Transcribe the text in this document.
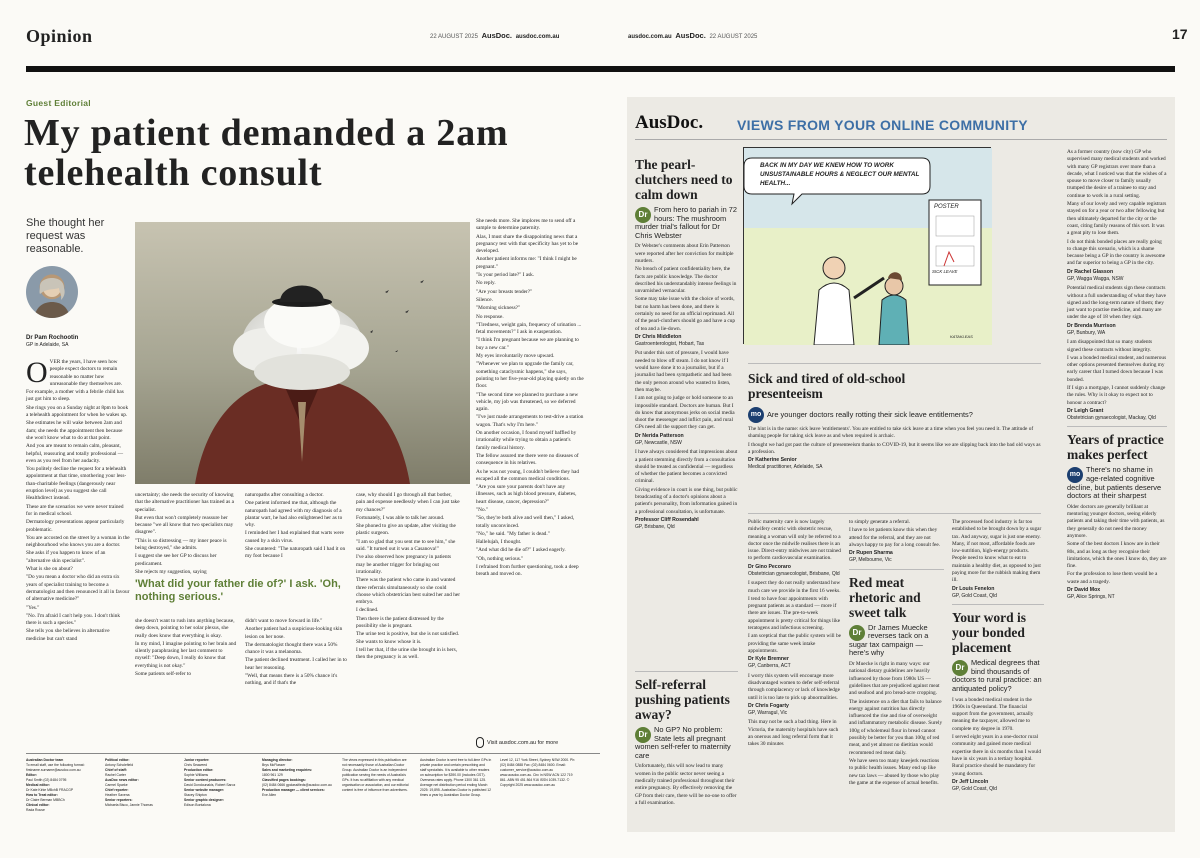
Opinion	22 AUGUST 2025 AusDoc. ausdoc.com.au
Guest Editorial
My patient demanded a 2am telehealth consult
She thought her request was reasonable.
Dr Pam Rochootin
GP in Adelaide, SA
O VER the years, I have seen how people expect doctors to remain reasonable no matter how unreasonable they themselves are.

For example, a mother with a febrile child has just got him to sleep.

She rings you on a Sunday night at 8pm to book a telehealth appointment for when he wakes up.

She estimates he will wake between 2am and 4am; she needs the appointment then because she won't know what to do at that point.

And you are meant to remain calm, pleasant, helpful, reassuring and totally professional — even as you reel from her audacity.

You politely decline the request for a telehealth appointment at that time, smothering your less-than-charitable feelings (dangerously near eruption level) as you suggest she call Healthdirect instead.

These are the scenarios we were never trained for in medical school.

Dermatology presentations appear particularly problematic.

You are accosted on the street by a woman in the neighbourhood who knows you are a doctor.

She asks if you happen to know of an "alternative skin specialist".

What is she on about?

"Do you mean a doctor who did an extra six years of specialist training to become a dermatologist and then renounced it all in favour of alternative medicine?"

"Yes."

"No. I'm afraid I can't help you. I don't think there is such a species."

She tells you she believes in alternative medicine but can't stand

uncertainty; she needs the security of knowing that the alternative practitioner has trained as a specialist.

But even that won't completely reassure her because "we all know that two specialists may disagree".

"This is so distressing — my inner peace is being destroyed," she admits.

I suggest she see her GP to discuss her predicament.

She rejects my suggestion, saying

naturopaths after consulting a doctor.

One patient informed me that, although the naturopath had agreed with my diagnosis of a plantar wart, he had also enlightened her as to why.

I reminded her I had explained that warts were caused by a skin virus.

She countered: "The naturopath said I had it on my foot because I

'What did your father die of?' I ask. 'Oh, nothing serious.'

she doesn't want to rush into anything because, deep down, pointing to her solar plexus, she really does know that everything is okay.

In my mind, I imagine pointing to her brain and silently paraphrasing her last comment to myself: "Deep down, I really do know that everything is not okay."

Some patients self-refer to

didn't want to move forward in life."

Another patient had a suspicious-looking skin lesion on her nose.

The dermatologist thought there was a 50% chance it was a melanoma.

The patient declined treatment. I called her in to hear her reasoning.

"Well, that means there is a 50% chance it's nothing, and if that's the

case, why should I go through all that bother, pain and expense needlessly when I can just take my chances?"

Fortunately, I was able to talk her around.

She phoned to give an update, after visiting the plastic surgeon.

"I am so glad that you sent me to see him," she said. "It turned out it was a Casanova!"

I've also observed how pregnancy in patients may be another trigger for bringing out irrationality.

There was the patient who came in and wanted three referrals simultaneously so she could choose which obstetrician best suited her and her embryo.

I declined.

Then there is the patient distressed by the possibility she is pregnant.

The urine test is positive, but she is not satisfied. She wants to know whose it is.

I tell her that, if the urine she brought in is hers, then the pregnancy is as well.

She needs more. She implores me to send off a sample to determine paternity.

Alas, I must share the disappointing news that a pregnancy test with that specificity has yet to be developed.

Another patient informs me: "I think I might be pregnant."

"Is your period late?" I ask.

No reply.

"Are your breasts tender?"

Silence.

"Morning sickness?"

No response.

"Tiredness, weight gain, frequency of urination ... fetal movements?" I ask in exasperation.

"I think I'm pregnant because we are planning to buy a new car."

My eyes involuntarily move upward.

"Whenever we plan to upgrade the family car, something cataclysmic happens," she says, pointing to her five-year-old playing quietly on the floor.

"The second time we planned to purchase a new vehicle, my job was threatened, so we deferred again.

"I've just made arrangements to test-drive a station wagon. That's why I'm here."

On another occasion, I found myself baffled by irrationality while trying to obtain a patient's family medical history.

The fellow assured me there were no diseases of consequence in his relatives.

As he was not young, I couldn't believe they had escaped all the common medical conditions.

"Are you sure your parents don't have any illnesses, such as high blood pressure, diabetes, heart disease, cancer, depression?"

"No."

"So, they're both alive and well then," I asked, totally unconvinced.

"No," he said. "My father is dead."

Hallelujah, I thought.

"And what did he die of?" I asked eagerly.

"Oh, nothing serious."

I refrained from further questioning, took a deep breath and moved on.

Visit ausdoc.com.au for more

Australian Doctor team

To email staff, use the following format: firstname.surname@ausdoc.com.au

Editor:

Paul Smith (02) 8484 0795

Medical editor:

Dr Kate Kirke MBchB FRACGP

How to Treat editor:

Dr Claire Berman MBBCh

Clinical editor:

Rada Rouse

Political editor:

Antony Scholefield

Chief of staff:

Rachel Carter

AusDoc news editor:

Carmel Sparke

Chief reporter:

Heather Saxena

Senior reporters:

Michaela Bisco, Jannie Thomas

Junior reporter:

Chris Seaweed

Production editor:

Sophie Williams

Senior content producers:

David Dondounakis, Robert Saroz

Senior website manager:

Stacey Shipton

Senior graphic designer:

Edison Bontalona

Managing director:

Brys McFlasser

Sales and marketing enquiries:

1800 961 129

Classified pages bookings:

(02) 8484 0666 gpclassifieds@ausdoc.com.au

Production manager — client services:

Eve Allen

The views expressed in this publication are not necessarily those of Australian Doctor Group. Australian Doctor is an independent publication serving the needs of Australia's GPs. It has no affiliation with any medical organisation or association, and our editorial content is free of influence from advertisers.

Australian Doctor is sent free to full-time GPs in private practice and certain prescribing and staff specialists. It is available to other readers on subscription for $390.00 (includes GST). Overseas rates apply. Phone 1300 361 125. Average net distribution period ending March 2025: 19,895. Australian Doctor is published 12 times a year by Australian Doctor Group.

Level 12, 117 York Street, Sydney NSW 2000. Ph: (02) 8484 0888 Fax: (02) 8484 0600. Email: customer_service@ausdoc.com.au www.ausdoc.com.au. Circ in NSW ACN 122 719 861. ABN 95 451 864 916 ISSN 1039-7132. © Copyright 2025 www.ausdoc.com.au

ausdoc.com.au AusDoc. 22 AUGUST 2025	17
AusDoc. VIEWS FROM YOUR ONLINE COMMUNITY
BACK IN MY DAY WE KNEW HOW TO WORK UNSUSTAINABLE HOURS & NEGLECT OUR MENTAL HEALTH...
POSTER
SICK LEAVE
KATAKLEAS
The pearl-clutchers need to calm down
Dr
From hero to pariah in 72 hours: The mushroom murder trial's fallout for Dr Chris Webster

Dr Webster's comments about Erin Patterson were reported after her conviction for multiple murders.

No breach of patient confidentiality here, the facts are public knowledge. The doctor described his understandably intense feelings in unvarnished vernacular.

Some may take issue with the choice of words, but no harm has been done, and there is certainly no need for an official reprimand. All of the pearl-clutchers should go and have a cup of tea and a lie-down.

Dr Chris Middleton
Gastroenterologist, Hobart, Tas

Put under this sort of pressure, I would have needed to blow off steam. I do not know if I would have done it to a journalist, but if a journalist had been sympathetic and had been the only person around who wanted to listen, then maybe.

I am not going to judge or hold someone to an impossible standard. Doctors are human. But I do know that anonymous jerks on social media shoot the messenger and inflict pain, and rural GPs need all the support they can get.

Dr Nerida Patterson
GP, Newcastle, NSW

I have always considered that impressions about a patient stemming directly from a consultation should be treated as confidential — regardless of whether the patient becomes a convicted criminal.

Giving evidence in court is one thing, but public broadcasting of a doctor's opinions about a patient's personality, from information gained in a professional consultation, is unfortunate.

Professor Cliff Rosendahl
GP, Brisbane, Qld
Self-referral pushing patients away?
Dr
No GP? No problem: State lets all pregnant women self-refer to maternity care

Unfortunately, this will now lead to many women in the public sector never seeing a medically trained professional throughout their entire pregnancy. By effectively removing the GP from their care, there will be no-one to offer a full examination.

Sick and tired of old-school presenteeism
mo Are younger doctors really rotting their sick leave entitlements?

The hint is in the name: sick leave 'entitlements'. You are entitled to take sick leave at a time when you feel you need it. The attitude of shaming people for taking sick leave as and when required is archaic.

I thought we had got past the culture of presenteeism thanks to COVID-19, but it seems like we are slipping back into the bad old ways as a profession.

Dr Katherine Senior
Medical practitioner, Adelaide, SA

Public maternity care is now largely midwifery centric with obstetric rescue, meaning a woman will only be referred to a doctor once the midwife realises there is an issue. Direct-entry midwives are not trained to perform cardiovascular examination.

Dr Gino Pecoraro
Obstetrician gynaecologist, Brisbane, Qld

I suspect they do not really understand how much care we provide in the first 16 weeks.

I tend to have four appointments with pregnant patients as a standard — more if there are issues. The pre-to-week appointment is pretty critical for things like teratogens and infectious screening.

I am sceptical that the public system will be providing the same week intake appointments.

Dr Kyle Bremner
GP, Canberra, ACT

I worry this system will encourage more disadvantaged women to defer self-referral through complacency or lack of knowledge until it is too late to pick up abnormalities.

Dr Chris Fogarty
GP, Warragul, Vic

This may not be such a bad thing. Here in Victoria, the maternity hospitals have such an onerous and long referral form that it takes 30 minutes

to simply generate a referral.

I have to let patients know this when they attend for the referral, and they are not always happy to pay for a long consult fee.

Dr Rupen Sharma
GP, Melbourne, Vic
Red meat rhetoric and sweet talk
Dr
Dr James Muecke reverses tack on a sugar tax campaign — here's why

Dr Muecke is right in many ways: our national dietary guidelines are heavily influenced by those from 1980s US — guidelines that are prejudiced against meat and seafood and pro bread-acre cropping.

The insistence on a diet that fails to balance energy against nutrition has directly influenced the rise and rise of overweight and inflammatory metabolic disease. Surely 100g of wholemeal flour in bread cannot possibly be better for you than 100g of red meat, and yet almost no dietitian would recommend red meat daily.

We have seen too many kneejerk reactions to public health issues. Many end up like new tax laws — abused by those who play the game at the expense of actual benefits.

The processed food industry is far too established to be brought down by a sugar tax. And anyway, sugar is just one enemy. Many, if not most, affordable foods are low-nutrition, high-energy products. People need to know what to eat to maintain a healthy diet, as opposed to just paying more for the rubbish making them ill.

Dr Louis Fenelon
GP, Gold Coast, Qld
Your word is your bonded placement
Dr
Medical degrees that bind thousands of doctors to rural practice: an antiquated policy?

I was a bonded medical student in the 1960s in Queensland. The financial support from the government, actually meaning the taxpayer, allowed me to complete my degree in 1970.

I served eight years in a one-doctor rural community and gained more medical expertise there in six months than I would have in six years in a tertiary hospital. Rural practice should be mandatory for young doctors.

Dr Jeff Lincoln
GP, Gold Coast, Qld

As a former country (now city) GP who supervised many medical students and worked with many GP registrars over more than a decade, what I noticed was that the wishes of a spouse to move closer to family usually trumped the desire of a trainee to stay and continue to work in a rural setting.

Many of our lovely and very capable registrars stayed on for a year or two after fellowing but then ultimately departed for the city or the coast, citing family reasons of this sort. It was a great pity to lose them.

I do not think bonded places are really going to change this scenario, which is a shame because being a GP in the country is awesome and far superior to being a GP in the city.

Dr Rachel Glasson
GP, Wagga Wagga, NSW

Potential medical students sign these contracts without a full understanding of what they have signed and the long-term nature of them; they just want to practise medicine, and many are under the age of 18 when they sign.

Dr Brenda Murrison
GP, Bunbury, WA

I am disappointed that so many students signed these contracts without integrity.

I was a bonded medical student, and numerous other options presented themselves during my early career that I turned down because I was bonded.

If I sign a mortgage, I cannot suddenly change the rules. Why is it okay to expect not to honour a contract?

Dr Leigh Grant
Obstetrician gynaecologist, Mackay, Qld
Years of practice makes perfect
mo
There's no shame in age-related cognitive decline, but patients deserve doctors at their sharpest

Older doctors are generally brilliant at mentoring younger doctors, seeing elderly patients and taking their time with patients, as they generally do not need the money anymore.

Some of the best doctors I know are in their 80s, and as long as they recognise their limitations, which the ones I know do, they are fine.

For the profession to lose them would be a waste and a tragedy.

Dr David Mox
GP, Alice Springs, NT
